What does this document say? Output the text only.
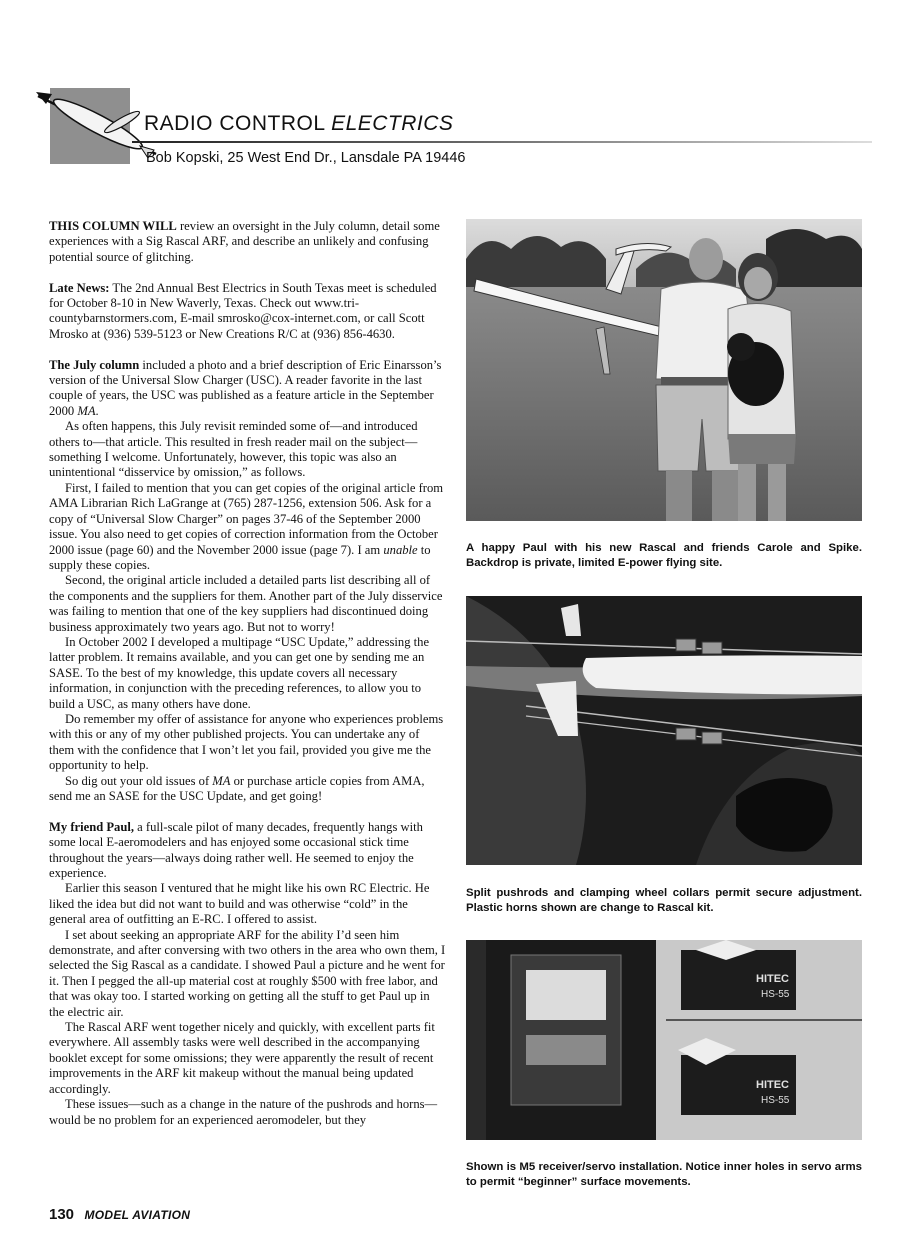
RADIO CONTROL ELECTRICS
Bob Kopski, 25 West End Dr., Lansdale PA 19446

THIS COLUMN WILL review an oversight in the July column, detail some experiences with a Sig Rascal ARF, and describe an unlikely and confusing potential source of glitching.

Late News: The 2nd Annual Best Electrics in South Texas meet is scheduled for October 8-10 in New Waverly, Texas. Check out www.tri-countybarnstormers.com, E-mail smrosko@cox-internet.com, or call Scott Mrosko at (936) 539-5123 or New Creations R/C at (936) 856-4630.

The July column included a photo and a brief description of Eric Einarsson’s version of the Universal Slow Charger (USC). A reader favorite in the last couple of years, the USC was published as a feature article in the September 2000 MA.

As often happens, this July revisit reminded some of—and introduced others to—that article. This resulted in fresh reader mail on the subject—something I welcome. Unfortunately, however, this topic was also an unintentional “disservice by omission,” as follows.

First, I failed to mention that you can get copies of the original article from AMA Librarian Rich LaGrange at (765) 287-1256, extension 506. Ask for a copy of “Universal Slow Charger” on pages 37-46 of the September 2000 issue. You also need to get copies of correction information from the October 2000 issue (page 60) and the November 2000 issue (page 7). I am unable to supply these copies.

Second, the original article included a detailed parts list describing all of the components and the suppliers for them. Another part of the July disservice was failing to mention that one of the key suppliers had discontinued doing business approximately two years ago. But not to worry!

In October 2002 I developed a multipage “USC Update,” addressing the latter problem. It remains available, and you can get one by sending me an SASE. To the best of my knowledge, this update covers all necessary information, in conjunction with the preceding references, to allow you to build a USC, as many others have done.

Do remember my offer of assistance for anyone who experiences problems with this or any of my other published projects. You can undertake any of them with the confidence that I won’t let you fail, provided you give me the opportunity to help.

So dig out your old issues of MA or purchase article copies from AMA, send me an SASE for the USC Update, and get going!

My friend Paul, a full-scale pilot of many decades, frequently hangs with some local E-aeromodelers and has enjoyed some occasional stick time throughout the years—always doing rather well. He seemed to enjoy the experience.

Earlier this season I ventured that he might like his own RC Electric. He liked the idea but did not want to build and was otherwise “cold” in the general area of outfitting an E-RC. I offered to assist.

I set about seeking an appropriate ARF for the ability I’d seen him demonstrate, and after conversing with two others in the area who own them, I selected the Sig Rascal as a candidate. I showed Paul a picture and he went for it. Then I pegged the all-up material cost at roughly $500 with free labor, and that was okay too. I started working on getting all the stuff to get Paul up in the electric air.

The Rascal ARF went together nicely and quickly, with excellent parts fit everywhere. All assembly tasks were well described in the accompanying booklet except for some omissions; they were apparently the result of recent improvements in the ARF kit makeup without the manual being updated accordingly.

These issues—such as a change in the nature of the pushrods and horns—would be no problem for an experienced aeromodeler, but they

A happy Paul with his new Rascal and friends Carole and Spike. Backdrop is private, limited E-power flying site.
Split pushrods and clamping wheel collars permit secure adjustment. Plastic horns shown are change to Rascal kit.
HITEC
HS-55
HITEC
HS-55
Shown is M5 receiver/servo installation. Notice inner holes in servo arms to permit “beginner” surface movements.
130 MODEL AVIATION
